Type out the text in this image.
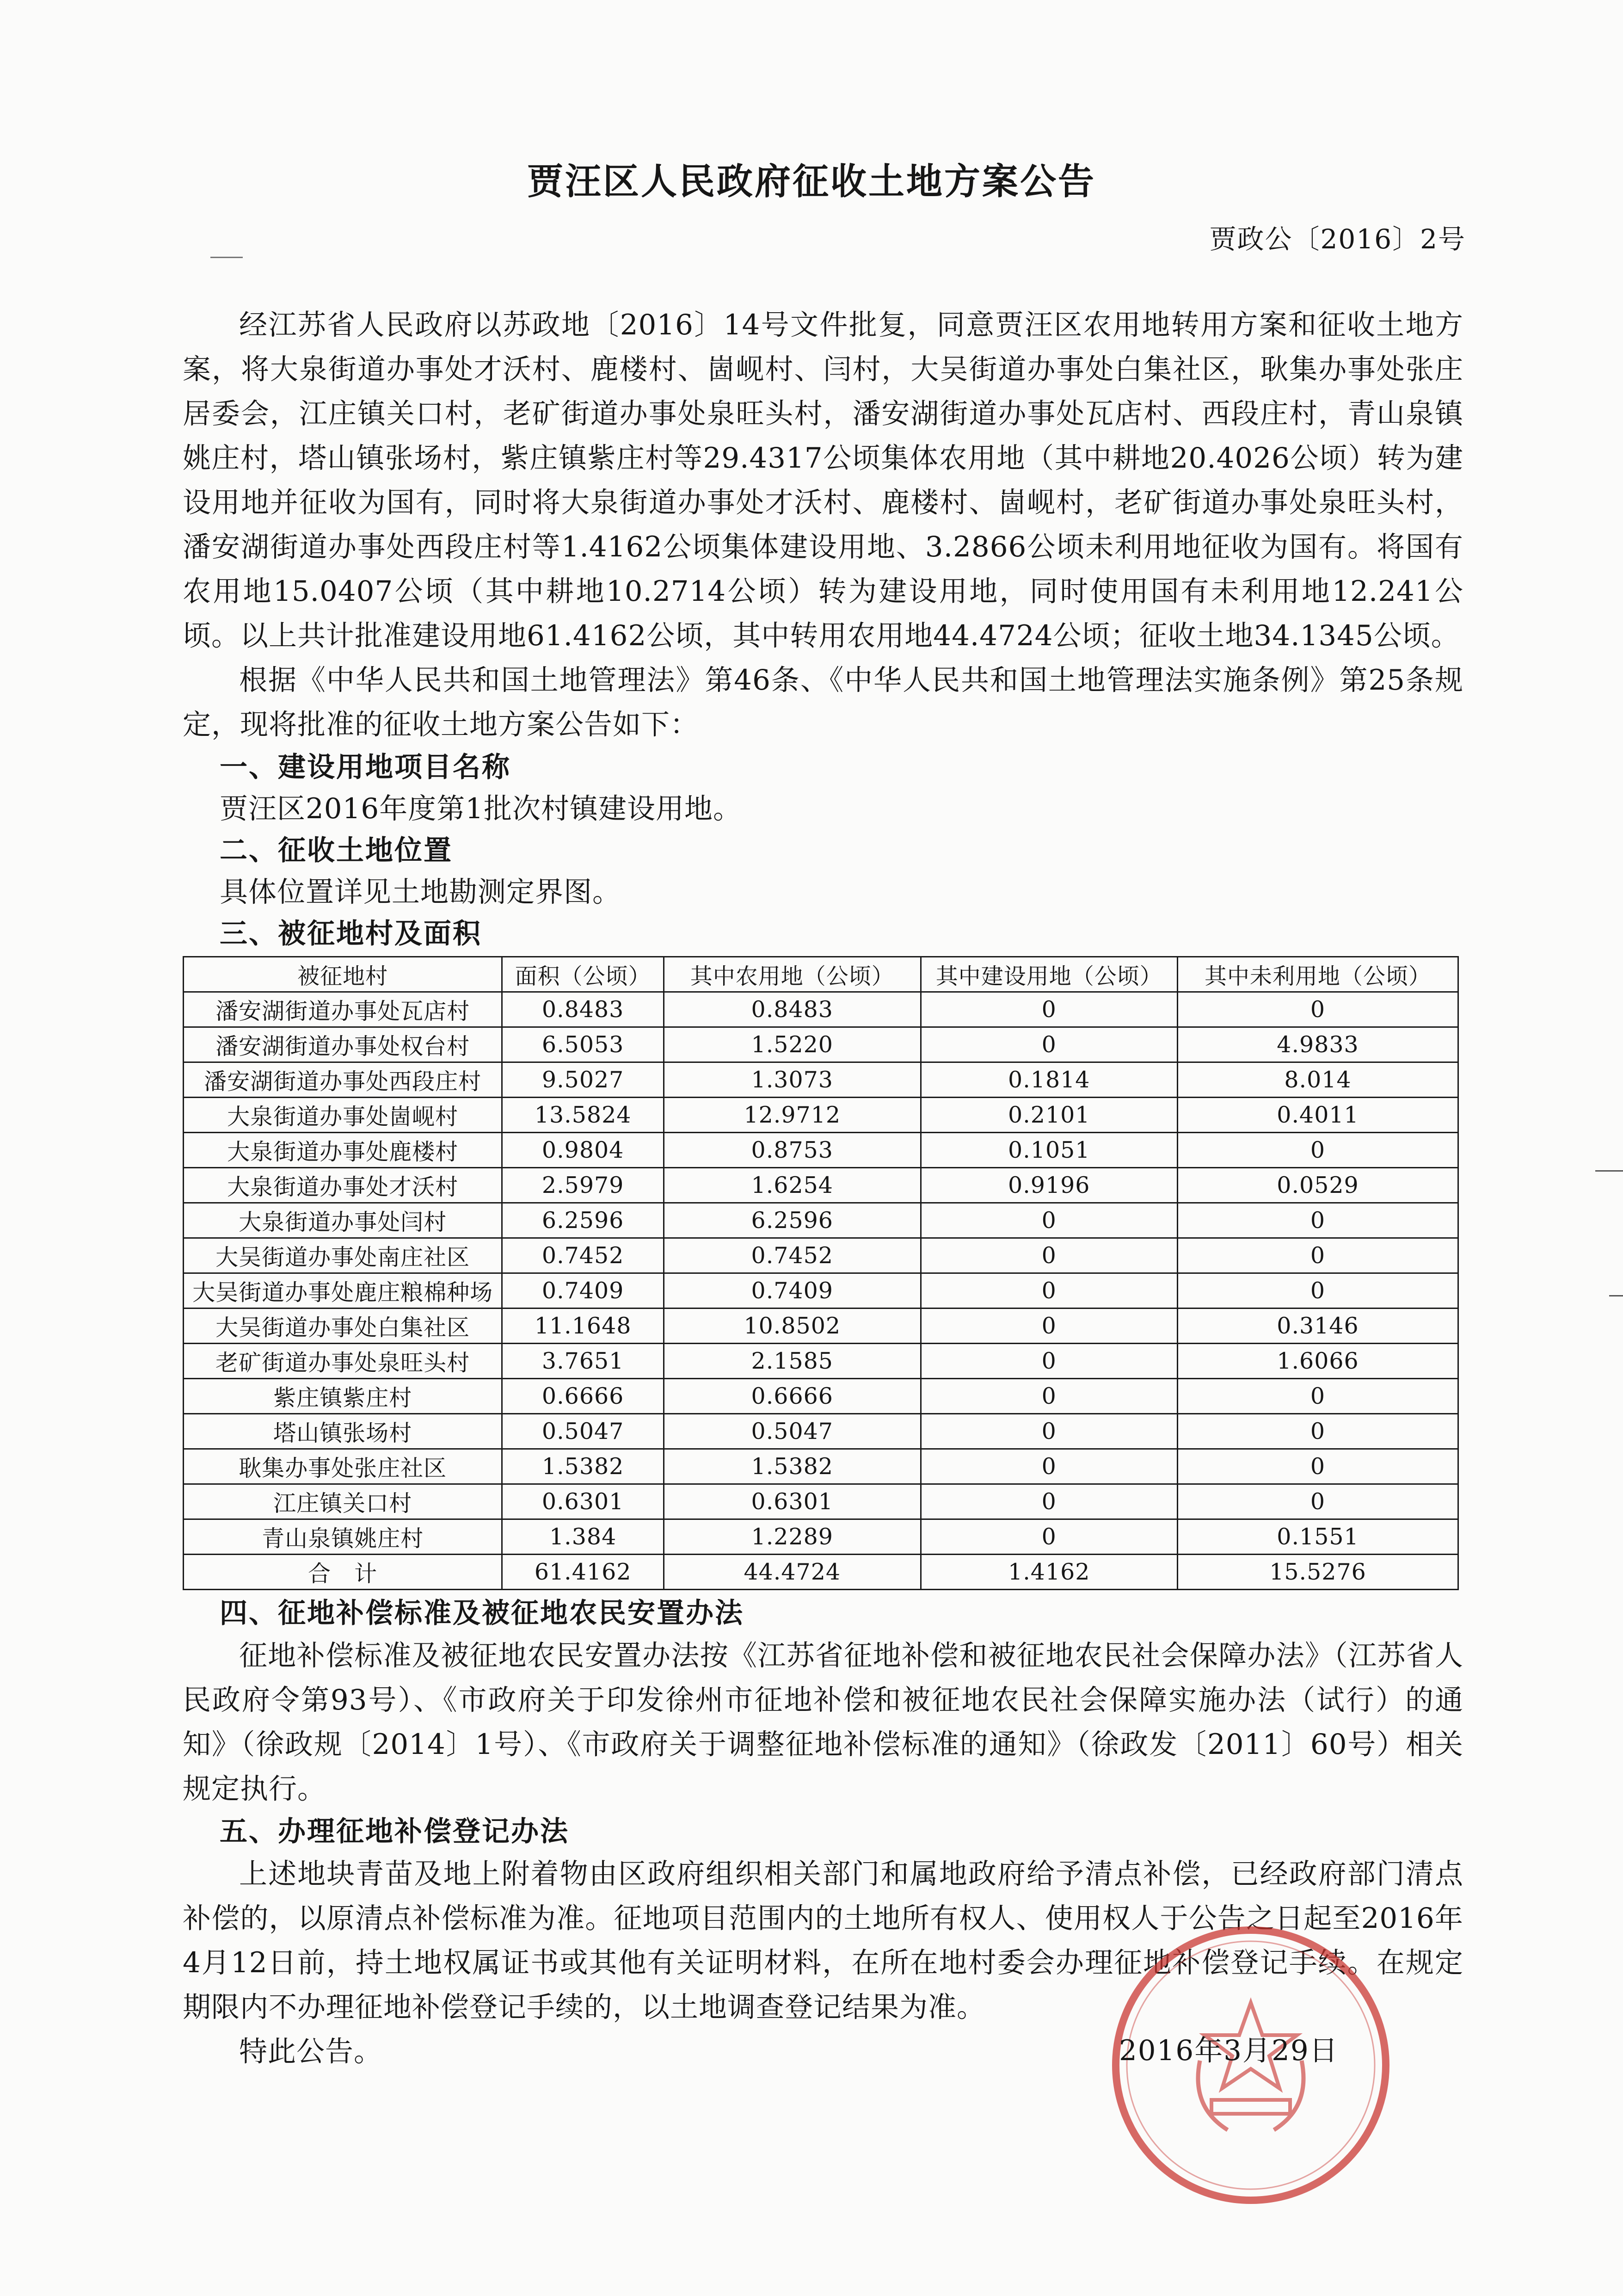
贾汪区人民政府征收土地方案公告
贾政公〔2016〕2号

经江苏省人民政府以苏政地〔2016〕14号文件批复，同意贾汪区农用地转用方案和征收土地方案，将大泉街道办事处才沃村、鹿楼村、崮岘村、闫村，大吴街道办事处白集社区，耿集办事处张庄居委会，江庄镇关口村，老矿街道办事处泉旺头村，潘安湖街道办事处瓦店村、西段庄村，青山泉镇姚庄村，塔山镇张场村，紫庄镇紫庄村等29.4317公顷集体农用地（其中耕地20.4026公顷）转为建设用地并征收为国有，同时将大泉街道办事处才沃村、鹿楼村、崮岘村，老矿街道办事处泉旺头村，潘安湖街道办事处西段庄村等1.4162公顷集体建设用地、3.2866公顷未利用地征收为国有。将国有农用地15.0407公顷（其中耕地10.2714公顷）转为建设用地，同时使用国有未利用地12.241公顷。以上共计批准建设用地61.4162公顷，其中转用农用地44.4724公顷；征收土地34.1345公顷。

根据《中华人民共和国土地管理法》第46条、《中华人民共和国土地管理法实施条例》第25条规定，现将批准的征收土地方案公告如下：

一、建设用地项目名称

贾汪区2016年度第1批次村镇建设用地。

二、征收土地位置

具体位置详见土地勘测定界图。

三、被征地村及面积
被征地村	面积（公顷）	其中农用地（公顷）	其中建设用地（公顷）	其中未利用地（公顷）
潘安湖街道办事处瓦店村	0.8483	0.8483	0	0
潘安湖街道办事处权台村	6.5053	1.5220	0	4.9833
潘安湖街道办事处西段庄村	9.5027	1.3073	0.1814	8.014
大泉街道办事处崮岘村	13.5824	12.9712	0.2101	0.4011
大泉街道办事处鹿楼村	0.9804	0.8753	0.1051	0
大泉街道办事处才沃村	2.5979	1.6254	0.9196	0.0529
大泉街道办事处闫村	6.2596	6.2596	0	0
大吴街道办事处南庄社区	0.7452	0.7452	0	0
大吴街道办事处鹿庄粮棉种场	0.7409	0.7409	0	0
大吴街道办事处白集社区	11.1648	10.8502	0	0.3146
老矿街道办事处泉旺头村	3.7651	2.1585	0	1.6066
紫庄镇紫庄村	0.6666	0.6666	0	0
塔山镇张场村	0.5047	0.5047	0	0
耿集办事处张庄社区	1.5382	1.5382	0	0
江庄镇关口村	0.6301	0.6301	0	0
青山泉镇姚庄村	1.384	1.2289	0	0.1551
合　计	61.4162	44.4724	1.4162	15.5276
四、征地补偿标准及被征地农民安置办法

征地补偿标准及被征地农民安置办法按《江苏省征地补偿和被征地农民社会保障办法》（江苏省人民政府令第93号）、《市政府关于印发徐州市征地补偿和被征地农民社会保障实施办法（试行）的通知》（徐政规〔2014〕1号）、《市政府关于调整征地补偿标准的通知》（徐政发〔2011〕60号）相关规定执行。

五、办理征地补偿登记办法

上述地块青苗及地上附着物由区政府组织相关部门和属地政府给予清点补偿，已经政府部门清点补偿的，以原清点补偿标准为准。征地项目范围内的土地所有权人、使用权人于公告之日起至2016年4月12日前，持土地权属证书或其他有关证明材料，在所在地村委会办理征地补偿登记手续。在规定期限内不办理征地补偿登记手续的，以土地调查登记结果为准。

特此公告。	2016年3月29日
